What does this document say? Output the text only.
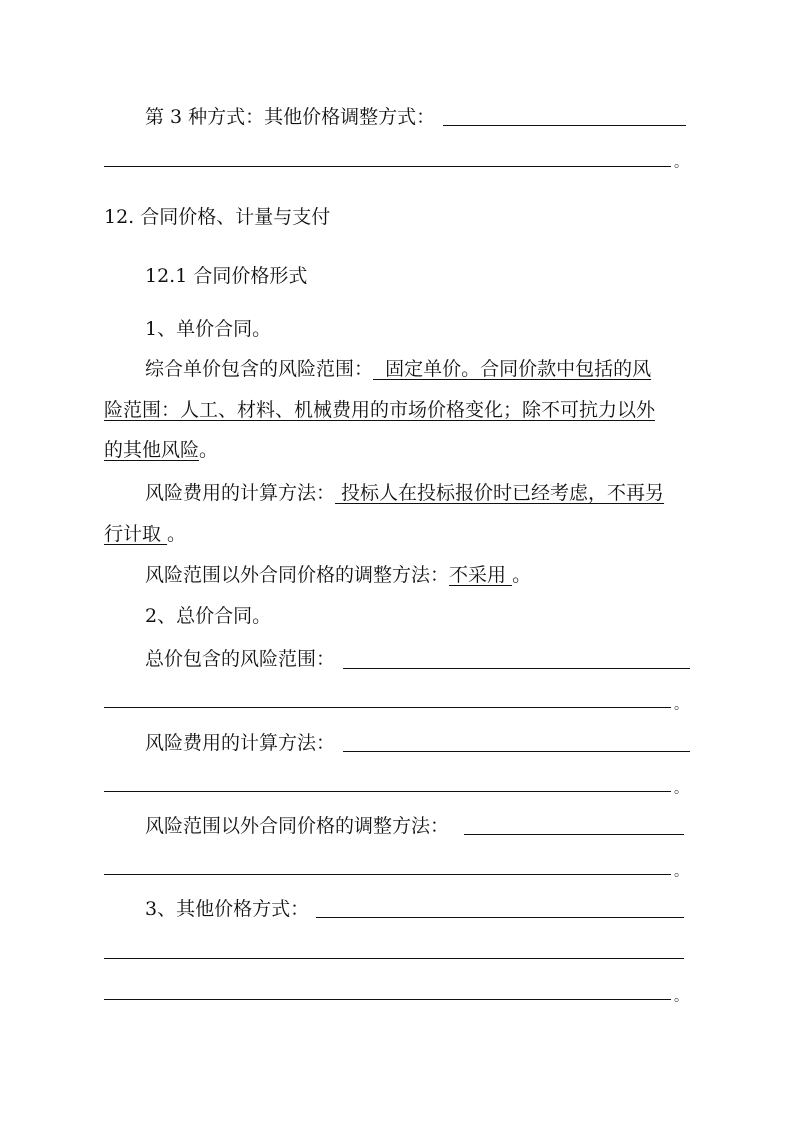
第 3 种方式：其他价格调整方式：
。
12. 合同价格、计量与支付
12.1 合同价格形式
1、单价合同。
综合单价包含的风险范围：  固定单价。合同价款中包括的风
险范围：人工、材料、机械费用的市场价格变化；除不可抗力以外
的其他风险。
风险费用的计算方法： 投标人在投标报价时已经考虑，不再另
行计取 。
风险范围以外合同价格的调整方法：不采用 。
2、总价合同。
总价包含的风险范围：
。
风险费用的计算方法：
。
风险范围以外合同价格的调整方法：
。
3、其他价格方式：
。
